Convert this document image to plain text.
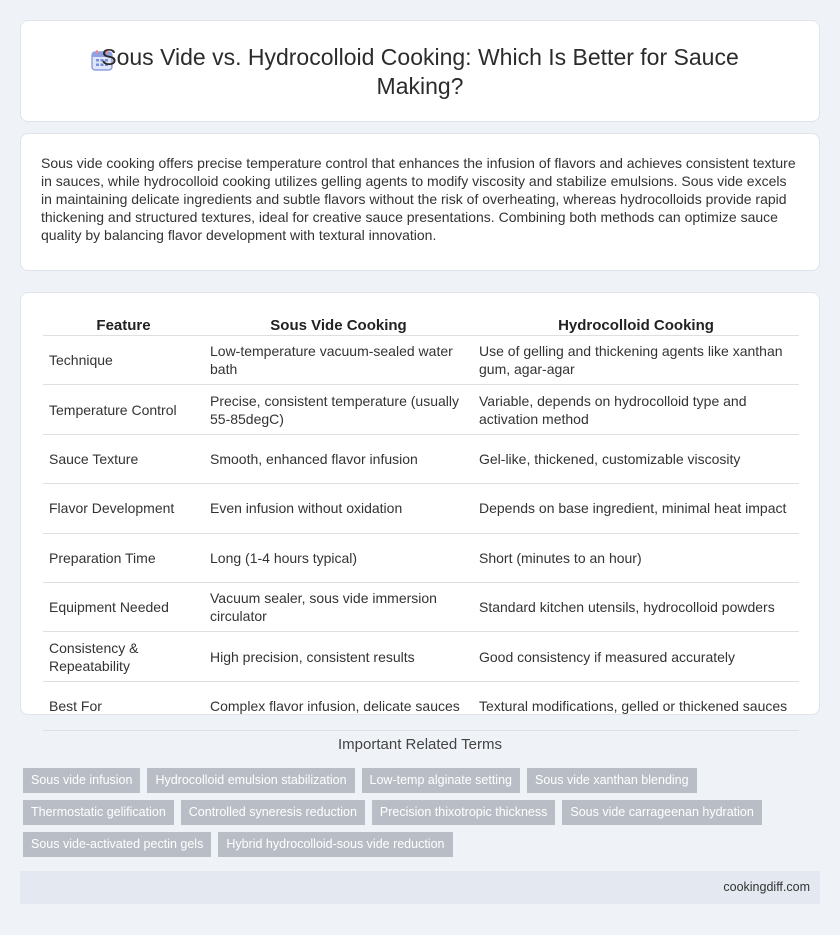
Sous Vide vs. Hydrocolloid Cooking: Which Is Better for Sauce Making?

Sous vide cooking offers precise temperature control that enhances the infusion of flavors and achieves consistent texture in sauces, while hydrocolloid cooking utilizes gelling agents to modify viscosity and stabilize emulsions. Sous vide excels in maintaining delicate ingredients and subtle flavors without the risk of overheating, whereas hydrocolloids provide rapid thickening and structured textures, ideal for creative sauce presentations. Combining both methods can optimize sauce quality by balancing flavor development with textural innovation.

Feature	Sous Vide Cooking	Hydrocolloid Cooking
Technique	Low-temperature vacuum-sealed water bath	Use of gelling and thickening agents like xanthan gum, agar-agar
Temperature Control	Precise, consistent temperature (usually 55-85degC)	Variable, depends on hydrocolloid type and activation method
Sauce Texture	Smooth, enhanced flavor infusion	Gel-like, thickened, customizable viscosity
Flavor Development	Even infusion without oxidation	Depends on base ingredient, minimal heat impact
Preparation Time	Long (1-4 hours typical)	Short (minutes to an hour)
Equipment Needed	Vacuum sealer, sous vide immersion circulator	Standard kitchen utensils, hydrocolloid powders
Consistency & Repeatability	High precision, consistent results	Good consistency if measured accurately
Best For	Complex flavor infusion, delicate sauces	Textural modifications, gelled or thickened sauces
Important Related Terms
Sous vide infusion	Hydrocolloid emulsion stabilization	Low-temp alginate setting	Sous vide xanthan blending
Thermostatic gelification	Controlled syneresis reduction	Precision thixotropic thickness	Sous vide carrageenan hydration
Sous vide-activated pectin gels	Hybrid hydrocolloid-sous vide reduction
cookingdiff.com
